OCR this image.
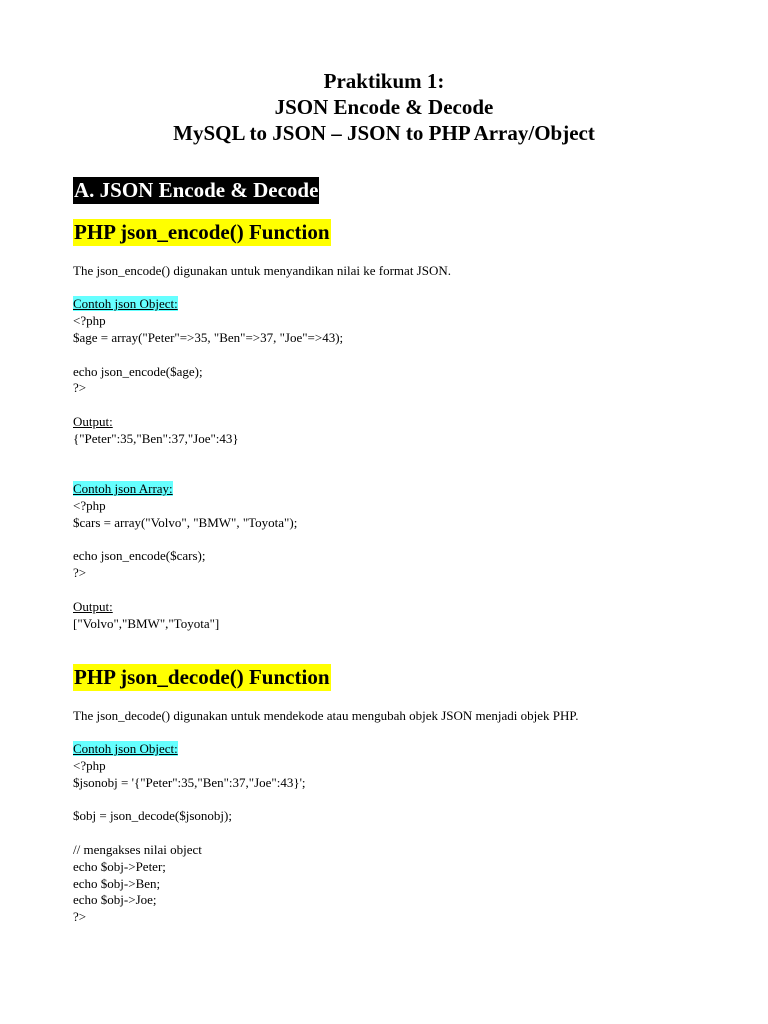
Praktikum 1:
JSON Encode & Decode
MySQL to JSON – JSON to PHP Array/Object
A. JSON Encode & Decode
PHP json_encode() Function
The json_encode() digunakan untuk menyandikan nilai ke format JSON.
Contoh json Object:
<?php
$age = array("Peter"=>35, "Ben"=>37, "Joe"=>43);
echo json_encode($age);
?>
Output:
{"Peter":35,"Ben":37,"Joe":43}
Contoh json Array:
<?php
$cars = array("Volvo", "BMW", "Toyota");
echo json_encode($cars);
?>
Output:
["Volvo","BMW","Toyota"]
PHP json_decode() Function
The json_decode() digunakan untuk mendekode atau mengubah objek JSON menjadi objek PHP.
Contoh json Object:
<?php
$jsonobj = '{"Peter":35,"Ben":37,"Joe":43}';
$obj = json_decode($jsonobj);
// mengakses nilai object
echo $obj->Peter;
echo $obj->Ben;
echo $obj->Joe;
?>
